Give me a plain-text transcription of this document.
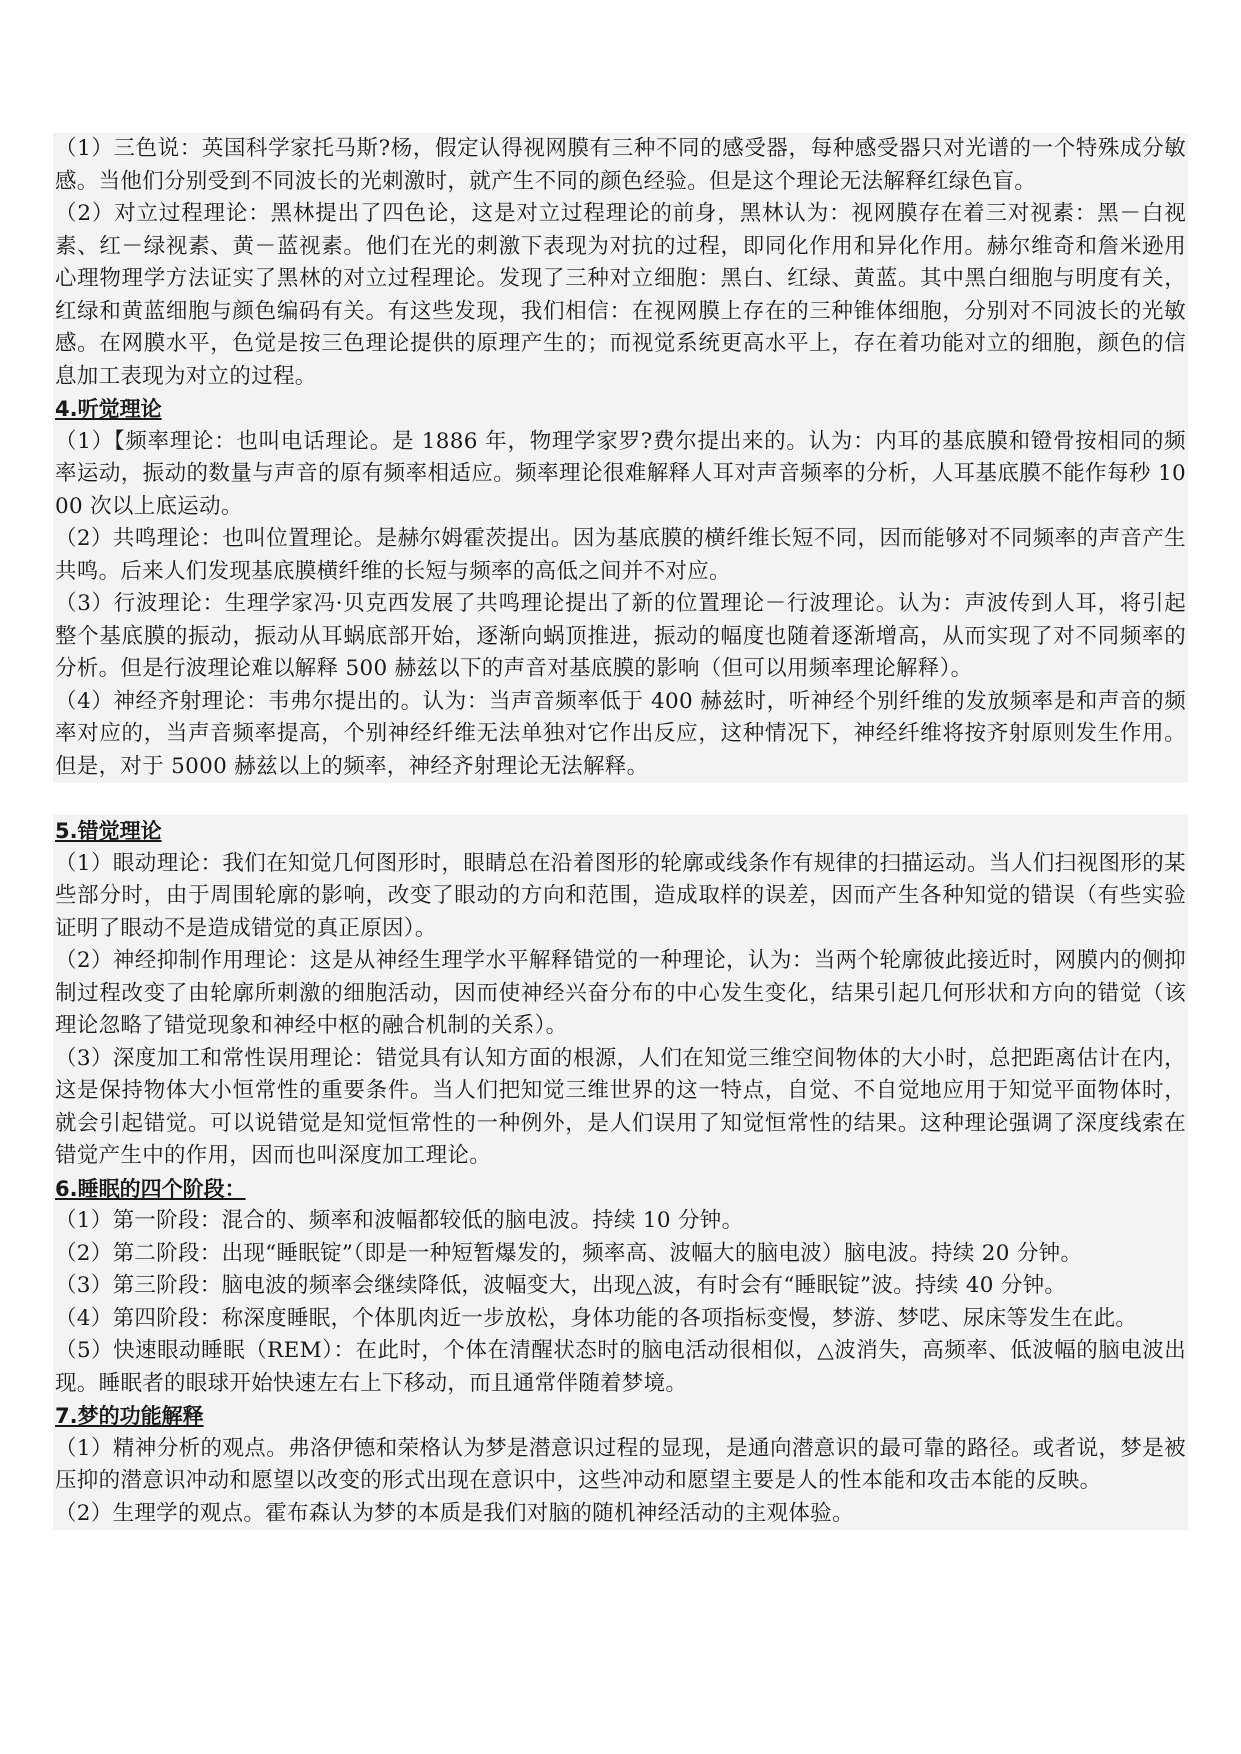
（1）三色说：英国科学家托马斯?杨，假定认得视网膜有三种不同的感受器，每种感受器只对光谱的一个特殊成分敏感。当他们分别受到不同波长的光刺激时，就产生不同的颜色经验。但是这个理论无法解释红绿色盲。

（2）对立过程理论：黑林提出了四色论，这是对立过程理论的前身，黑林认为：视网膜存在着三对视素：黑－白视素、红－绿视素、黄－蓝视素。他们在光的刺激下表现为对抗的过程，即同化作用和异化作用。赫尔维奇和詹米逊用心理物理学方法证实了黑林的对立过程理论。发现了三种对立细胞：黑白、红绿、黄蓝。其中黑白细胞与明度有关，红绿和黄蓝细胞与颜色编码有关。有这些发现，我们相信：在视网膜上存在的三种锥体细胞，分别对不同波长的光敏感。在网膜水平，色觉是按三色理论提供的原理产生的；而视觉系统更高水平上，存在着功能对立的细胞，颜色的信息加工表现为对立的过程。

4.听觉理论

（1）【频率理论：也叫电话理论。是 1886 年，物理学家罗?费尔提出来的。认为：内耳的基底膜和镫骨按相同的频率运动，振动的数量与声音的原有频率相适应。频率理论很难解释人耳对声音频率的分析，人耳基底膜不能作每秒 1000 次以上底运动。

（2）共鸣理论：也叫位置理论。是赫尔姆霍茨提出。因为基底膜的横纤维长短不同，因而能够对不同频率的声音产生共鸣。后来人们发现基底膜横纤维的长短与频率的高低之间并不对应。

（3）行波理论：生理学家冯·贝克西发展了共鸣理论提出了新的位置理论－行波理论。认为：声波传到人耳，将引起整个基底膜的振动，振动从耳蜗底部开始，逐渐向蜗顶推进，振动的幅度也随着逐渐增高，从而实现了对不同频率的分析。但是行波理论难以解释 500 赫兹以下的声音对基底膜的影响（但可以用频率理论解释）。

（4）神经齐射理论：韦弗尔提出的。认为：当声音频率低于 400 赫兹时，听神经个别纤维的发放频率是和声音的频率对应的，当声音频率提高，个别神经纤维无法单独对它作出反应，这种情况下，神经纤维将按齐射原则发生作用。但是，对于 5000 赫兹以上的频率，神经齐射理论无法解释。

5.错觉理论

（1）眼动理论：我们在知觉几何图形时，眼睛总在沿着图形的轮廓或线条作有规律的扫描运动。当人们扫视图形的某些部分时，由于周围轮廓的影响，改变了眼动的方向和范围，造成取样的误差，因而产生各种知觉的错误（有些实验证明了眼动不是造成错觉的真正原因）。

（2）神经抑制作用理论：这是从神经生理学水平解释错觉的一种理论，认为：当两个轮廓彼此接近时，网膜内的侧抑制过程改变了由轮廓所刺激的细胞活动，因而使神经兴奋分布的中心发生变化，结果引起几何形状和方向的错觉（该理论忽略了错觉现象和神经中枢的融合机制的关系）。

（3）深度加工和常性误用理论：错觉具有认知方面的根源，人们在知觉三维空间物体的大小时，总把距离估计在内，这是保持物体大小恒常性的重要条件。当人们把知觉三维世界的这一特点，自觉、不自觉地应用于知觉平面物体时，就会引起错觉。可以说错觉是知觉恒常性的一种例外，是人们误用了知觉恒常性的结果。这种理论强调了深度线索在错觉产生中的作用，因而也叫深度加工理论。

6.睡眠的四个阶段：

（1）第一阶段：混合的、频率和波幅都较低的脑电波。持续 10 分钟。

（2）第二阶段：出现“睡眠锭”（即是一种短暂爆发的，频率高、波幅大的脑电波）脑电波。持续 20 分钟。

（3）第三阶段：脑电波的频率会继续降低，波幅变大，出现△波，有时会有“睡眠锭”波。持续 40 分钟。

（4）第四阶段：称深度睡眠，个体肌肉近一步放松，身体功能的各项指标变慢，梦游、梦呓、尿床等发生在此。

（5）快速眼动睡眠（REM）：在此时，个体在清醒状态时的脑电活动很相似，△波消失，高频率、低波幅的脑电波出现。睡眠者的眼球开始快速左右上下移动，而且通常伴随着梦境。

7.梦的功能解释

（1）精神分析的观点。弗洛伊德和荣格认为梦是潜意识过程的显现，是通向潜意识的最可靠的路径。或者说，梦是被压抑的潜意识冲动和愿望以改变的形式出现在意识中，这些冲动和愿望主要是人的性本能和攻击本能的反映。

（2）生理学的观点。霍布森认为梦的本质是我们对脑的随机神经活动的主观体验。
